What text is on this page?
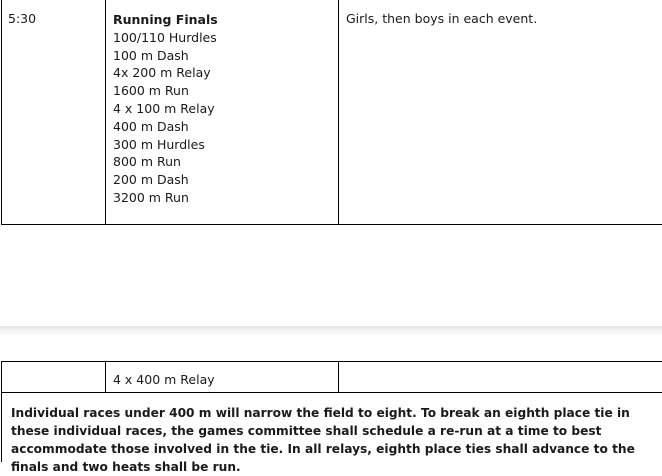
5:30	Running Finals

100/110 Hurdles
100 m Dash
4x 200 m Relay
1600 m Run
4 x 100 m Relay
400 m Dash
300 m Hurdles
800 m Run
200 m Dash
3200 m Run
Girls, then boys in each event.
4 x 400 m Relay
Individual races under 400 m will narrow the field to eight. To break an eighth place tie in these individual races, the games committee shall schedule a re-run at a time to best accommodate those involved in the tie. In all relays, eighth place ties shall advance to the finals and two heats shall be run.
